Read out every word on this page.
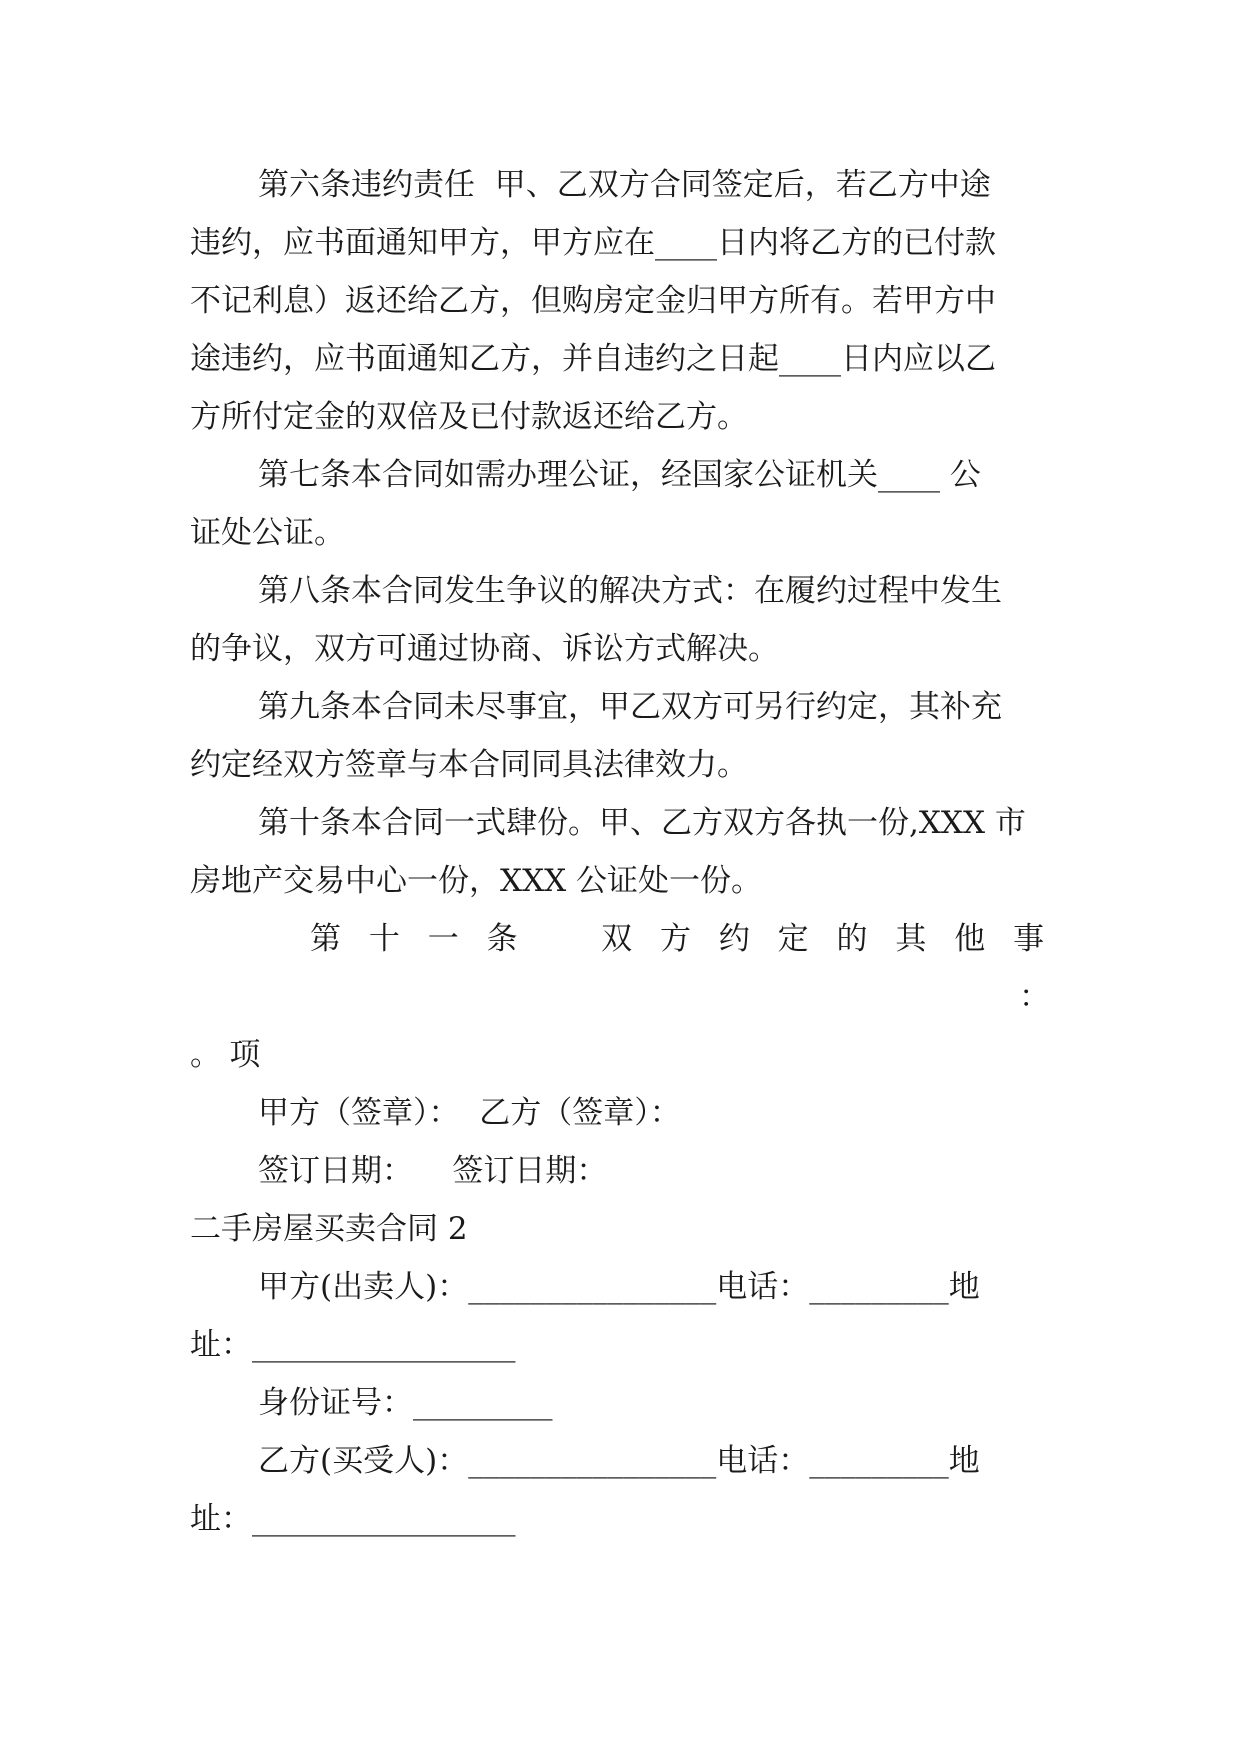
第六条违约责任  甲、乙双方合同签定后，若乙方中途
违约，应书面通知甲方，甲方应在____日内将乙方的已付款
不记利息）返还给乙方，但购房定金归甲方所有。若甲方中
途违约，应书面通知乙方，并自违约之日起____日内应以乙
方所付定金的双倍及已付款返还给乙方。
第七条本合同如需办理公证，经国家公证机关____ 公
证处公证。
第八条本合同发生争议的解决方式：在履约过程中发生
的争议，双方可通过协商、诉讼方式解决。
第九条本合同未尽事宜，甲乙双方可另行约定，其补充
约定经双方签章与本合同同具法律效力。
第十条本合同一式肆份。甲、乙方双方各执一份,XXX 市
房地产交易中心一份，XXX 公证处一份。
第 十 一 条   双 方 约 定 的 其 他 事

项

：

。
甲方（签章）：  乙方（签章）：
签订日期：    签订日期：
二手房屋买卖合同 2
甲方(出卖人)：________________电话：_________地
址：_________________
身份证号：_________
乙方(买受人)：________________电话：_________地
址：_________________
